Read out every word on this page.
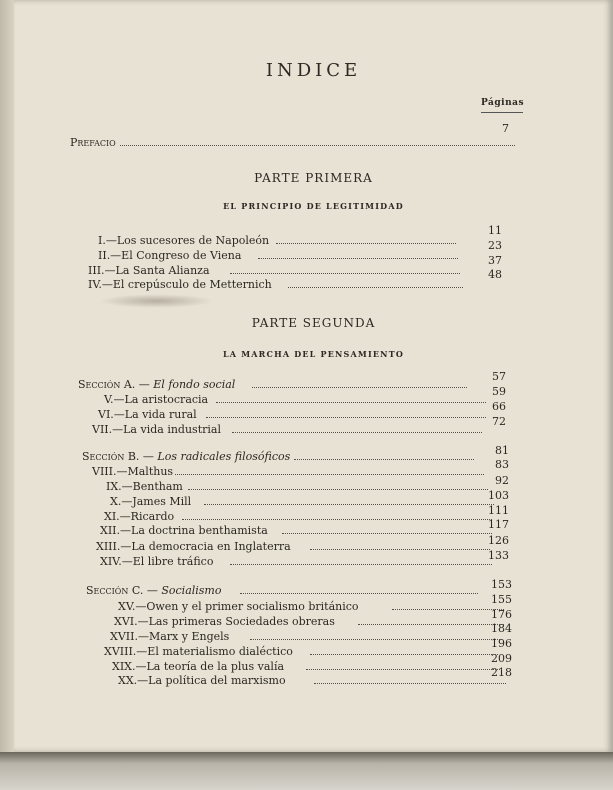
INDICE
Páginas
Prefacio
7
PARTE PRIMERA
EL PRINCIPIO DE LEGITIMIDAD
I.—Los sucesores de Napoleón
11
II.—El Congreso de Viena
23
III.—La Santa Alianza
37
IV.—El crepúsculo de Metternich
48
PARTE SEGUNDA
LA MARCHA DEL PENSAMIENTO
Sección A. — El fondo social
57
V.—La aristocracia
59
VI.—La vida rural
66
VII.—La vida industrial
72
Sección B. — Los radicales filosóficos	81
VIII.—Malthus
83
IX.—Bentham	92
X.—James Mill	103
XI.—Ricardo	111
XII.—La doctrina benthamista	117
XIII.—La democracia en Inglaterra	126
XIV.—El libre tráfico	133
Sección C. — Socialismo	153
XV.—Owen y el primer socialismo británico
155
XVI.—Las primeras Sociedades obreras
176
XVII.—Marx y Engels
184
XVIII.—El materialismo dialéctico
196
XIX.—La teoría de la plus valía
209
XX.—La política del marxismo
218
